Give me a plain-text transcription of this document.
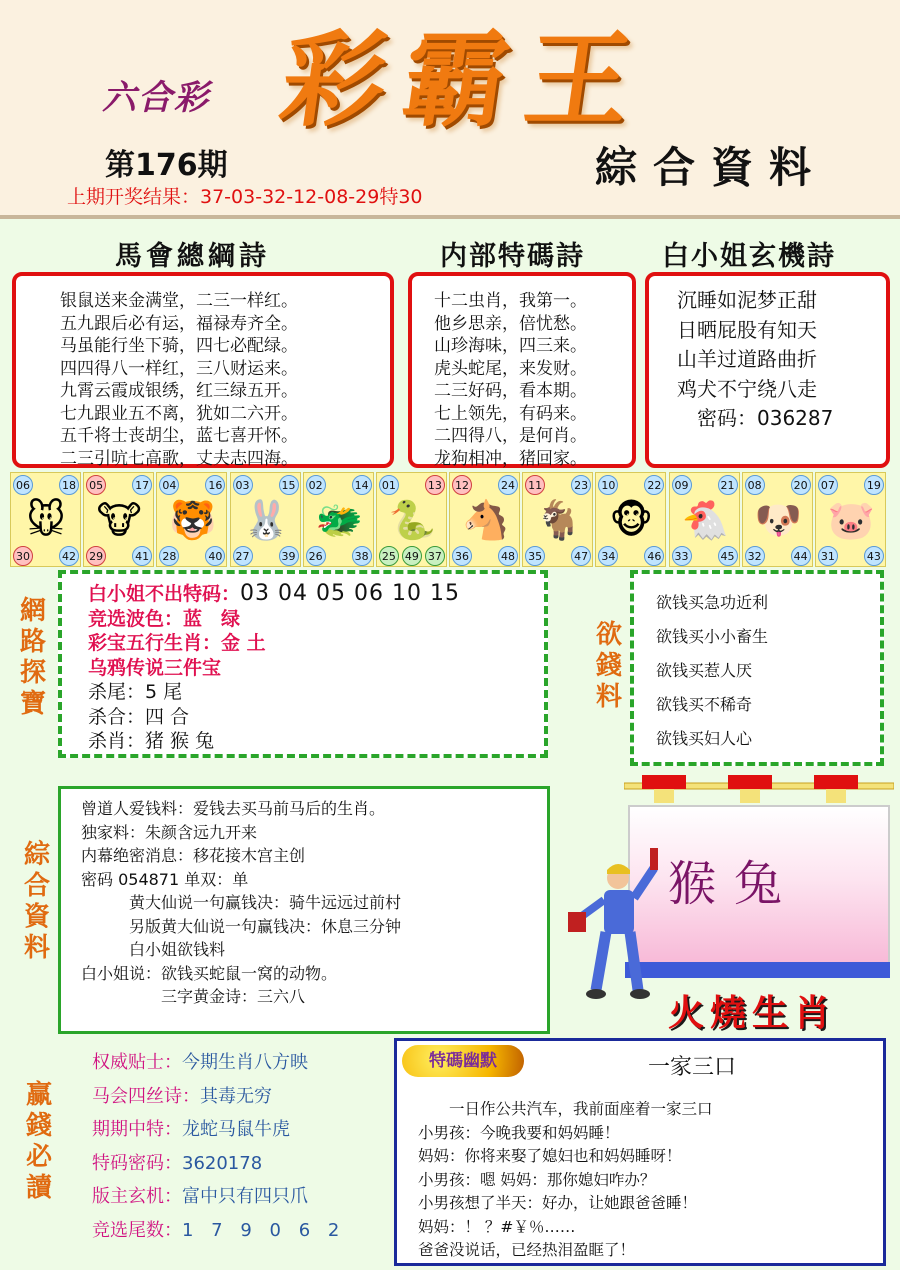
六合彩 彩霸王
第176期	綜合資料
上期开奖结果：37-03-32-12-08-29特30
馬會總綱詩	内部特碼詩	白小姐玄機詩
银鼠送来金满堂，二三一样红。
五九跟后必有运，福禄寿齐全。
马虽能行坐下骑，四七必配绿。
四四得八一样红，三八财运来。
九霄云霞成银绣，红三绿五开。
七九跟业五不离，犹如二六开。
五千将士丧胡尘，蓝七喜开怀。
二三引吭七高歌，丈夫志四海。
十二虫肖，我第一。
他乡思亲，倍忧愁。
山珍海味，四三来。
虎头蛇尾，来发财。
二三好码，看本期。
七上领先，有码来。
二四得八，是何肖。
龙狗相冲，猪回家。
沉睡如泥梦正甜
日晒屁股有知天
山羊过道路曲折
鸡犬不宁绕八走
　密码：036287
🐭
06	18
30	42
🐮
05	17
29	41
🐯
04	16
28	40
🐰
03	15
27	39
🐲
02	14
26	38
🐍
01	13
25	37
49
🐴
12	24
36	48
🐐
11	23
35	47
🐵
10	22
34	46
🐔
09	21
33	45
🐶
08	20
32	44
🐷
07	19
31	43
網
路
探
寶
白小姐不出特码：03 04 05 06 10 15
竞选波色：蓝　绿
彩宝五行生肖：金 土
乌鸦传说三件宝
杀尾：5 尾
杀合：四 合
杀肖：猪 猴 兔
欲
錢
料
欲钱买急功近利
欲钱买小小畜生
欲钱买惹人厌
欲钱买不稀奇
欲钱买妇人心
綜
合
資
料
曾道人爱钱料：爱钱去买马前马后的生肖。
独家料：朱颜含远九开来
内幕绝密消息：移花接木宫主创
密码 054871 单双：单
　　　黄大仙说一句赢钱决：骑牛远远过前村
　　　另版黄大仙说一句赢钱决：休息三分钟
　　　白小姐欲钱料
白小姐说：欲钱买蛇鼠一窝的动物。
　　　　　三字黄金诗：三六八
猴兔
火燒生肖
赢
錢
必
讀
权威贴士：今期生肖八方映
马会四丝诗：其毒无穷
期期中特：龙蛇马鼠牛虎
特码密码：3620178
版主玄机：富中只有四只爪
竞选尾数：1 7 9 0 6 2
特碼幽默	一家三口
　　一日作公共汽车，我前面座着一家三口
小男孩：今晚我要和妈妈睡！
妈妈：你将来娶了媳妇也和妈妈睡呀！
小男孩：嗯 妈妈：那你媳妇咋办？
小男孩想了半天：好办，让她跟爸爸睡！
妈妈：！ ？#￥％……
爸爸没说话，已经热泪盈眶了！
